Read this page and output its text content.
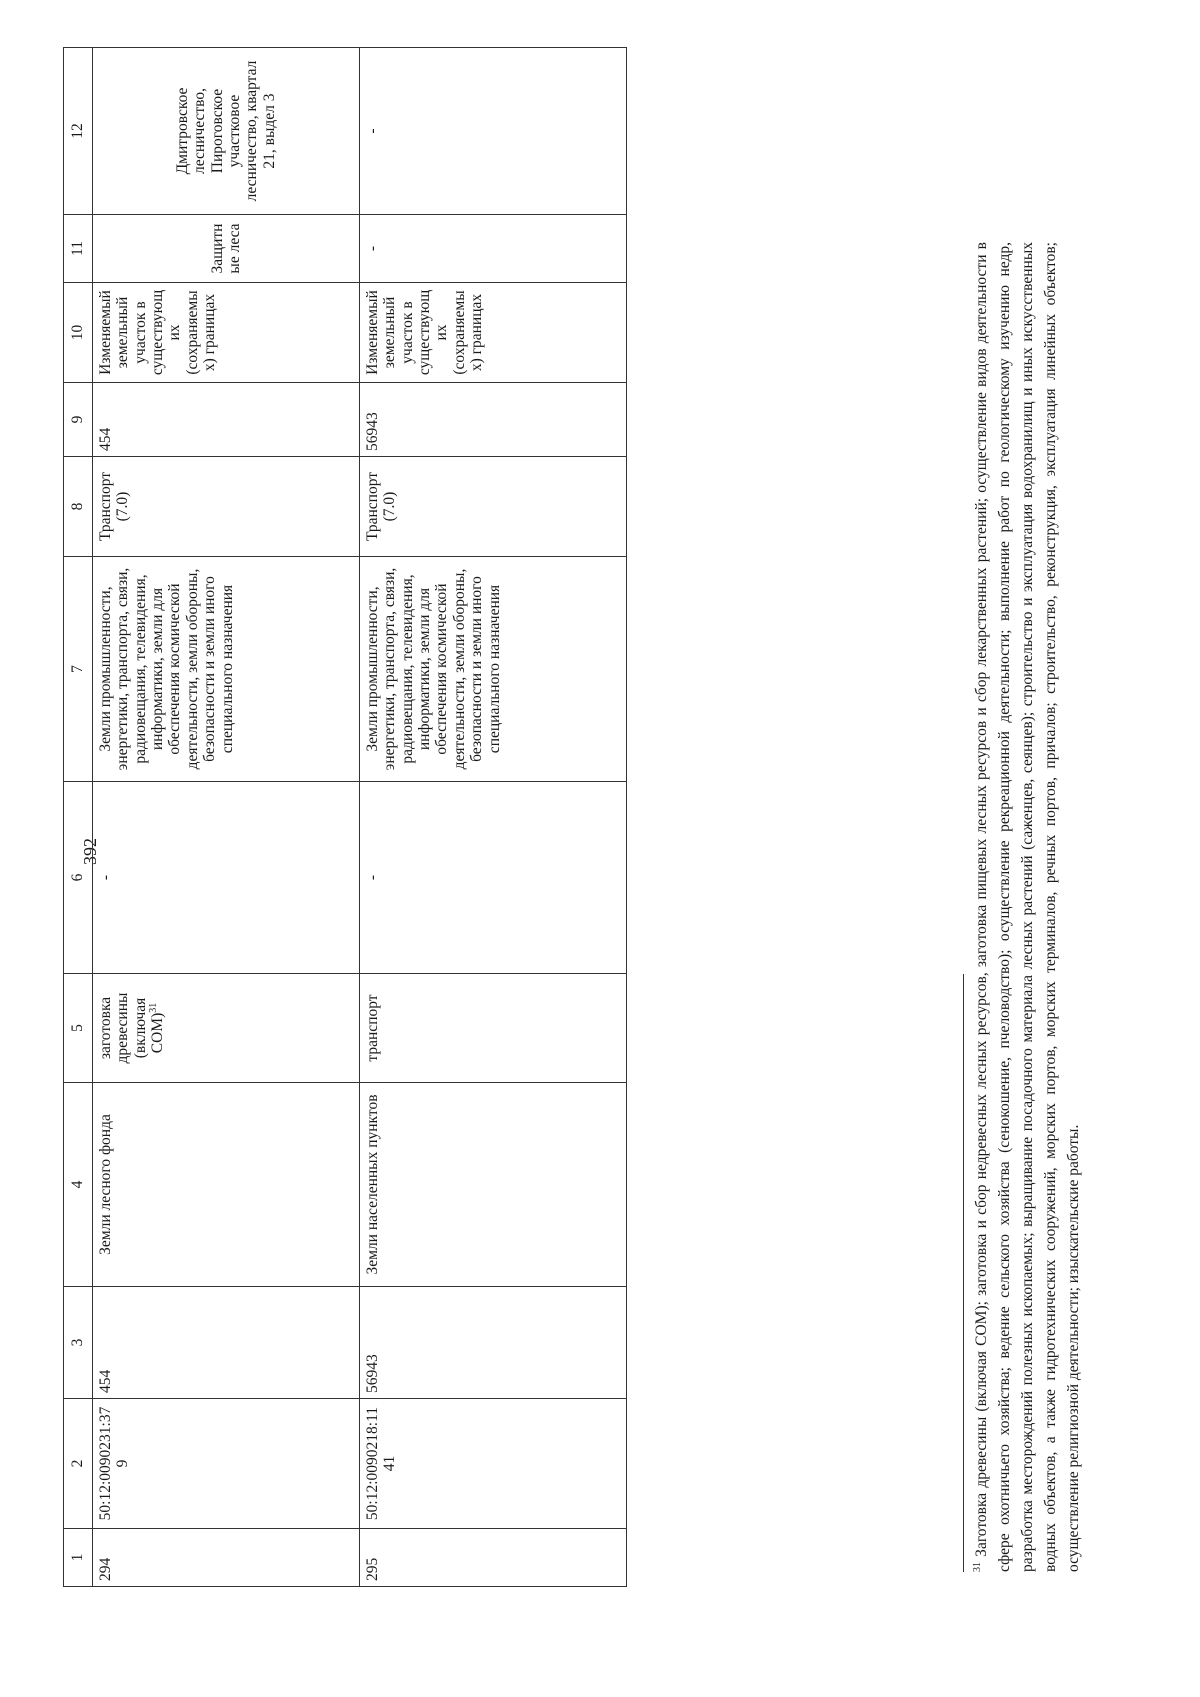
392
1	2	3	4	5	6	7	8	9	10	11	12
294	50:12:0090231:379	454	Земли лесного фонда	заготовка древесины (включая СОМ)$^{31}$	-	Земли промышленности, энергетики, транспорта, связи, радиовещания, телевидения, информатики, земли для обеспечения космической деятельности, земли обороны, безопасности и земли иного специального назначения	Транспорт (7.0)	454	Изменяемый земельный участок в существующих (сохраняемых) границах	Защитные леса	Дмитровское лесничество, Пироговское участковое лесничество, квартал 21, выдел 3
295	50:12:0090218:1141	56943	Земли населенных пунктов	транспорт	-	Земли промышленности, энергетики, транспорта, связи, радиовещания, телевидения, информатики, земли для обеспечения космической деятельности, земли обороны, безопасности и земли иного специального назначения	Транспорт (7.0)	56943	Изменяемый земельный участок в существующих (сохраняемых) границах	-	-
$^{31}$ Заготовка древесины (включая СОМ); заготовка и сбор недревесных лесных ресурсов, заготовка пищевых лесных ресурсов и сбор лекарственных растений; осуществление видов деятельности в сфере охотничьего хозяйства; ведение сельского хозяйства (сенокошение, пчеловодство); осуществление рекреационной деятельности; выполнение работ по геологическому изучению недр, разработка месторождений полезных ископаемых; выращивание посадочного материала лесных растений (саженцев, сеянцев); строительство и эксплуатация водохранилищ и иных искусственных водных объектов, а также гидротехнических сооружений, морских портов, морских терминалов, речных портов, причалов; строительство, реконструкция, эксплуатация линейных объектов; осуществление религиозной деятельности; изыскательские работы.
